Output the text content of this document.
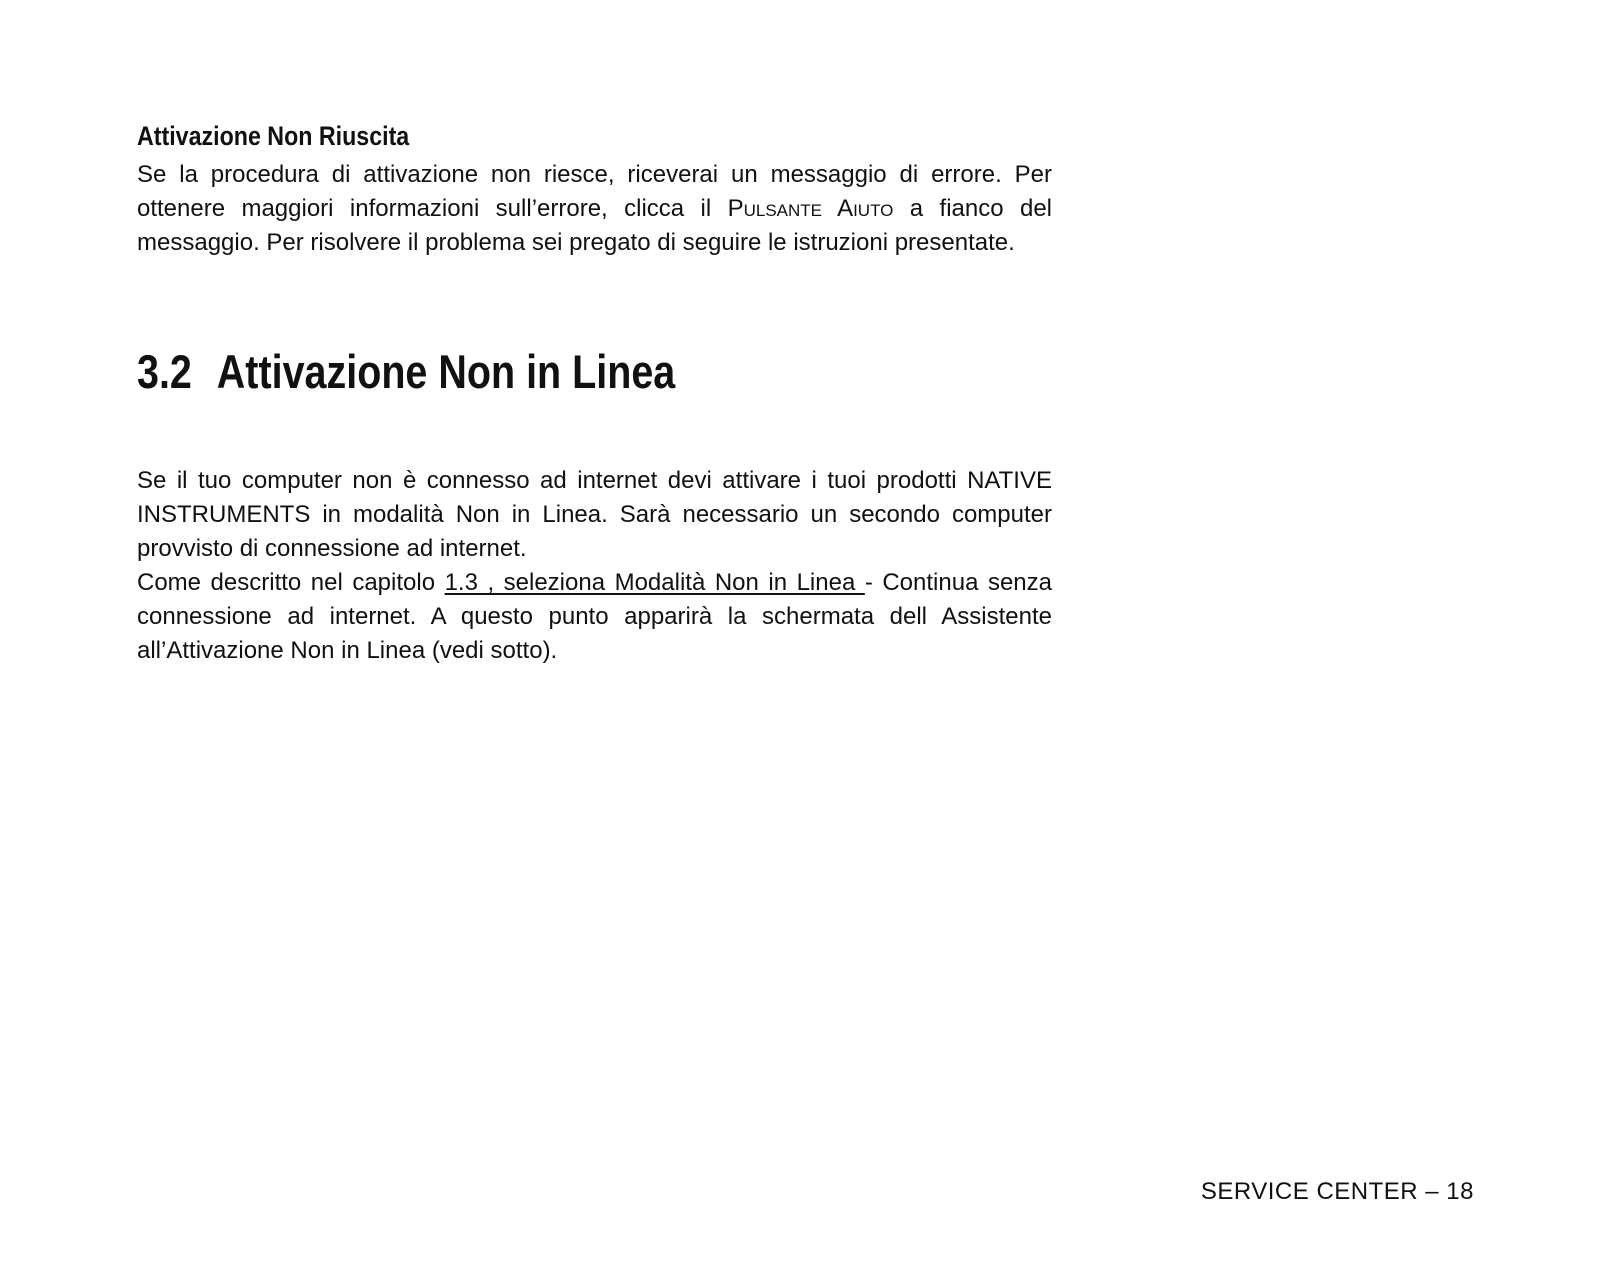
Attivazione Non Riuscita

Se la procedura di attivazione non riesce, riceverai un messaggio di errore. Per ottenere maggiori informazioni sull’errore, clicca il Pulsante Aiuto a fianco del messaggio. Per risolvere il problema sei pregato di seguire le istruzioni presentate.

3.2 Attivazione Non in Linea

Se il tuo computer non è connesso ad internet devi attivare i tuoi prodotti NATIVE INSTRUMENTS in modalità Non in Linea. Sarà necessario un secondo computer provvisto di connessione ad internet.

Come descritto nel capitolo 1.3 , seleziona Modalità Non in Linea - Continua senza connessione ad internet. A questo punto apparirà la schermata dell Assistente all’Attivazione Non in Linea (vedi sotto).

SERVICE CENTER – 18
